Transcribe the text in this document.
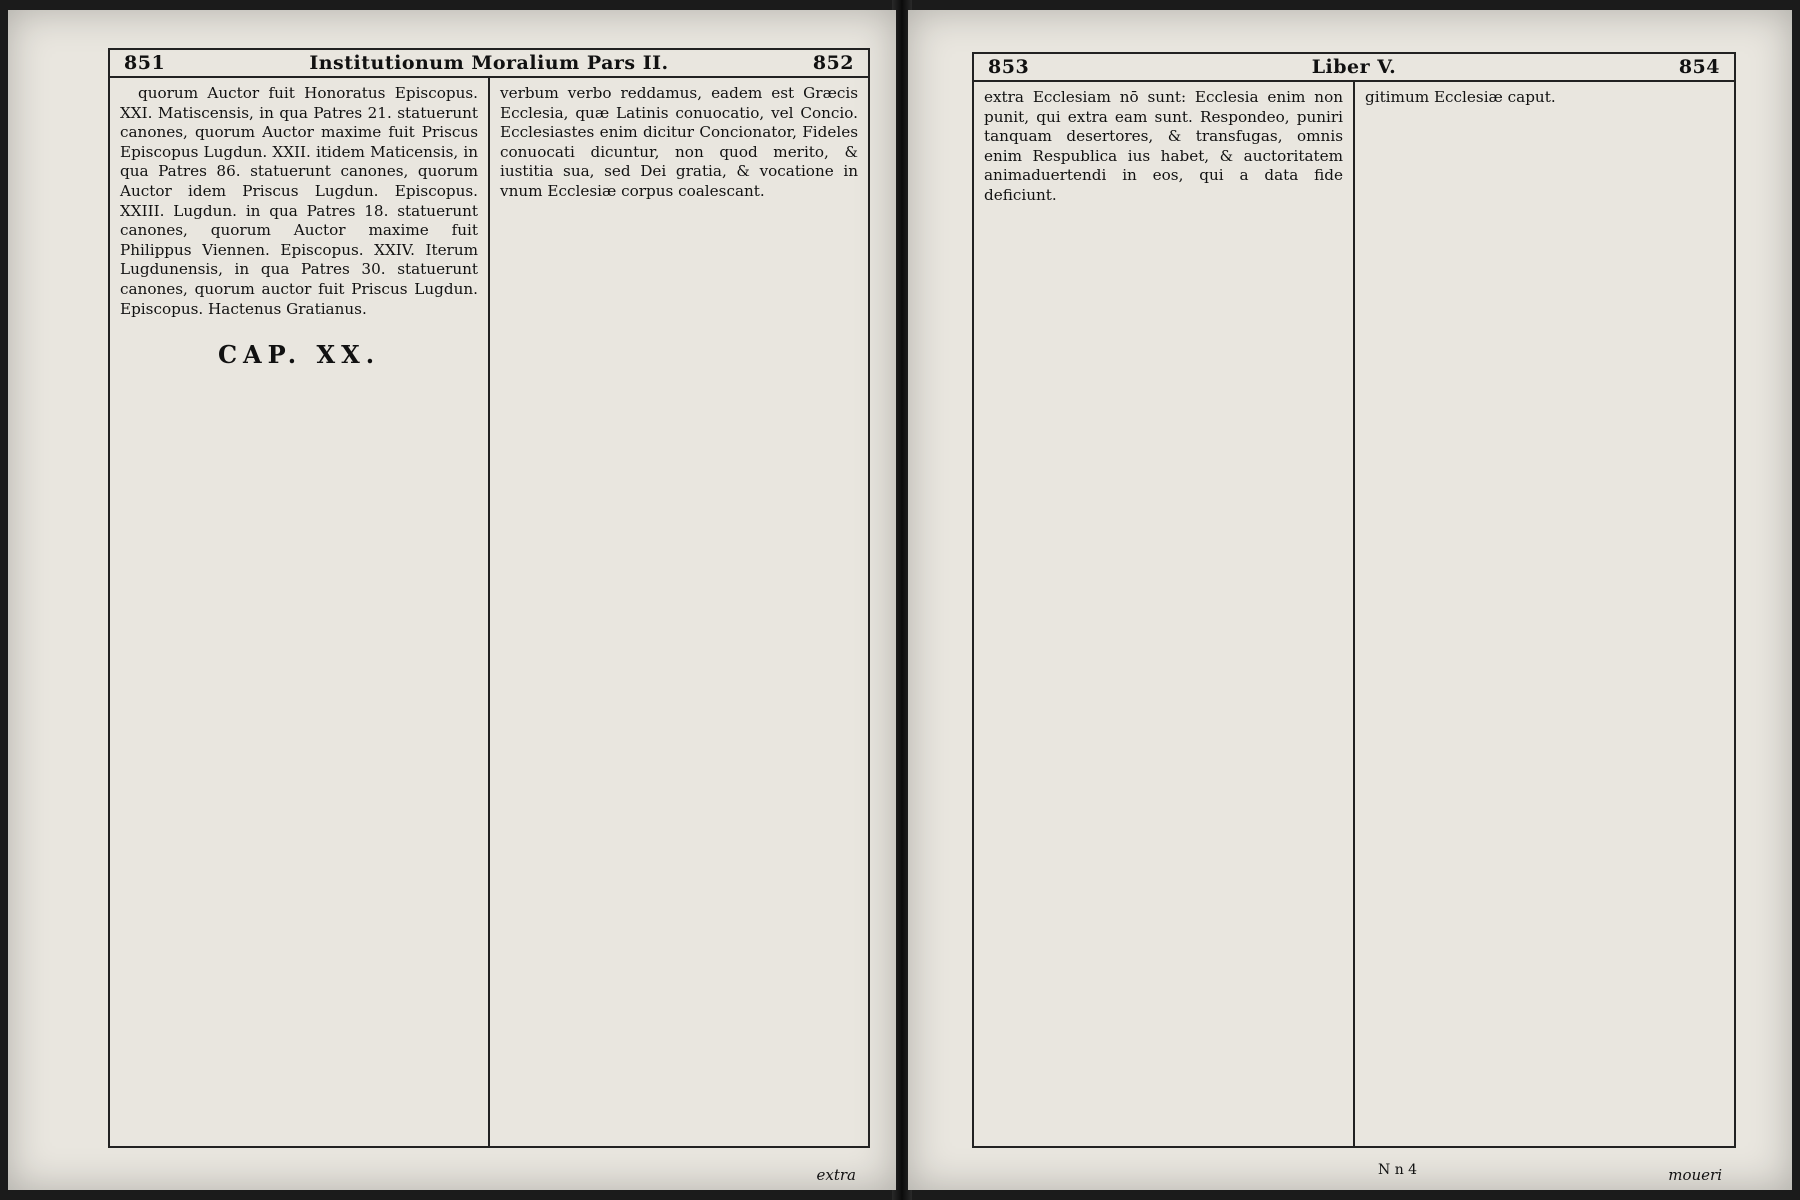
851	Institutionum Moralium Pars II.	852

quorum Auctor fuit Honoratus Episcopus. XXI. Matiscensis, in qua Patres 21. statuerunt canones, quorum Auctor maxime fuit Priscus Episcopus Lugdun. XXII. itidem Maticensis, in qua Patres 86. statuerunt canones, quorum Auctor idem Priscus Lugdun. Episcopus. XXIII. Lugdun. in qua Patres 18. statuerunt canones, quorum Auctor maxime fuit Philippus Viennen. Episcopus. XXIV. Iterum Lugdunensis, in qua Patres 30. statuerunt canones, quorum auctor fuit Priscus Lugdun. Episcopus. Hactenus Gratianus.

CAP. XX.

verbum verbo reddamus, eadem est Græcis Ecclesia, quæ Latinis conuocatio, vel Concio. Ecclesiastes enim dicitur Concionator, Fideles conuocati dicuntur, non quod merito, & iustitia sua, sed Dei gratia, & vocatione in vnum Ecclesiæ corpus coalescant.

extra
853	Liber V.	854

extra Ecclesiam nō sunt: Ecclesia enim non punit, qui extra eam sunt. Respondeo, puniri tanquam desertores, & transfugas, omnis enim Respublica ius habet, & auctoritatem animaduertendi in eos, qui a data fide deficiunt.

gitimum Ecclesiæ caput.

N n 4	moueri
